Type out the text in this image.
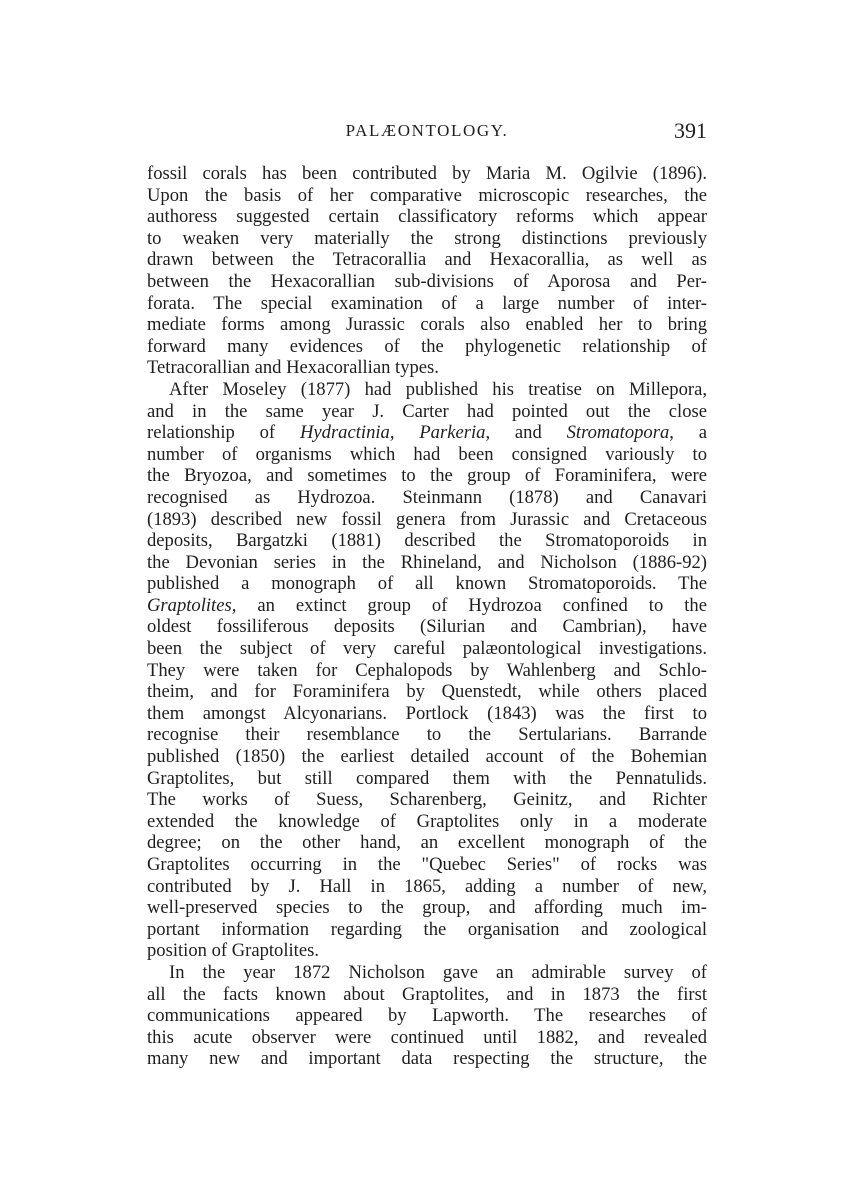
PALÆONTOLOGY.	391
fossil corals has been contributed by Maria M. Ogilvie (1896).
Upon the basis of her comparative microscopic researches, the
authoress suggested certain classificatory reforms which appear
to weaken very materially the strong distinctions previously
drawn between the Tetracorallia and Hexacorallia, as well as
between the Hexacorallian sub-divisions of Aporosa and Per-
forata. The special examination of a large number of inter-
mediate forms among Jurassic corals also enabled her to bring
forward many evidences of the phylogenetic relationship of
Tetracorallian and Hexacorallian types.
After Moseley (1877) had published his treatise on Millepora,
and in the same year J. Carter had pointed out the close
relationship of Hydractinia, Parkeria, and Stromatopora, a
number of organisms which had been consigned variously to
the Bryozoa, and sometimes to the group of Foraminifera, were
recognised as Hydrozoa. Steinmann (1878) and Canavari
(1893) described new fossil genera from Jurassic and Cretaceous
deposits, Bargatzki (1881) described the Stromatoporoids in
the Devonian series in the Rhineland, and Nicholson (1886-92)
published a monograph of all known Stromatoporoids. The
Graptolites, an extinct group of Hydrozoa confined to the
oldest fossiliferous deposits (Silurian and Cambrian), have
been the subject of very careful palæontological investigations.
They were taken for Cephalopods by Wahlenberg and Schlo-
theim, and for Foraminifera by Quenstedt, while others placed
them amongst Alcyonarians. Portlock (1843) was the first to
recognise their resemblance to the Sertularians. Barrande
published (1850) the earliest detailed account of the Bohemian
Graptolites, but still compared them with the Pennatulids.
The works of Suess, Scharenberg, Geinitz, and Richter
extended the knowledge of Graptolites only in a moderate
degree; on the other hand, an excellent monograph of the
Graptolites occurring in the "Quebec Series" of rocks was
contributed by J. Hall in 1865, adding a number of new,
well-preserved species to the group, and affording much im-
portant information regarding the organisation and zoological
position of Graptolites.
In the year 1872 Nicholson gave an admirable survey of
all the facts known about Graptolites, and in 1873 the first
communications appeared by Lapworth. The researches of
this acute observer were continued until 1882, and revealed
many new and important data respecting the structure, the
